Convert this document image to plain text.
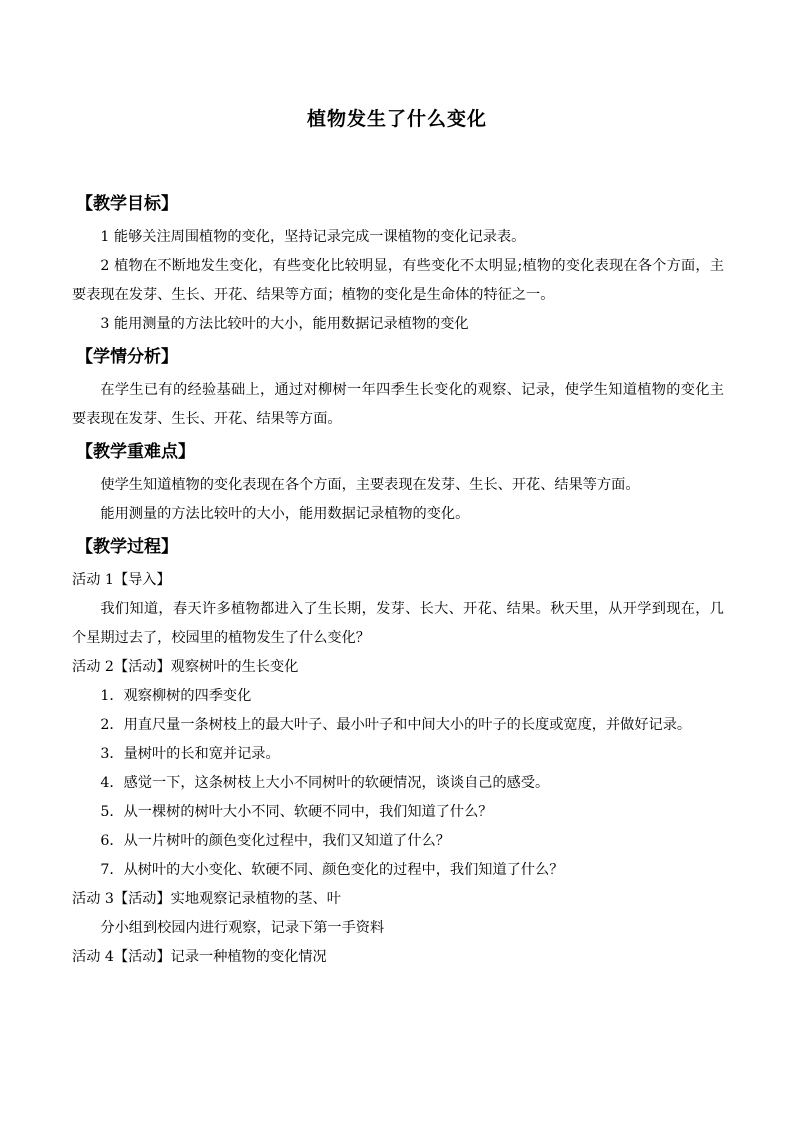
植物发生了什么变化
【教学目标】

1 能够关注周围植物的变化，坚持记录完成一课植物的变化记录表。

2 植物在不断地发生变化，有些变化比较明显，有些变化不太明显;植物的变化表现在各个方面，主要表现在发芽、生长、开花、结果等方面；植物的变化是生命体的特征之一。

3 能用测量的方法比较叶的大小，能用数据记录植物的变化

【学情分析】

在学生已有的经验基础上，通过对柳树一年四季生长变化的观察、记录，使学生知道植物的变化主要表现在发芽、生长、开花、结果等方面。

【教学重难点】

使学生知道植物的变化表现在各个方面，主要表现在发芽、生长、开花、结果等方面。

能用测量的方法比较叶的大小，能用数据记录植物的变化。

【教学过程】

活动 1【导入】

我们知道，春天许多植物都进入了生长期，发芽、长大、开花、结果。秋天里，从开学到现在，几个星期过去了，校园里的植物发生了什么变化？

活动 2【活动】观察树叶的生长变化

1．观察柳树的四季变化

2．用直尺量一条树枝上的最大叶子、最小叶子和中间大小的叶子的长度或宽度，并做好记录。

3．量树叶的长和宽并记录。

4．感觉一下，这条树枝上大小不同树叶的软硬情况，谈谈自己的感受。

5．从一棵树的树叶大小不同、软硬不同中，我们知道了什么？

6．从一片树叶的颜色变化过程中，我们又知道了什么？

7．从树叶的大小变化、软硬不同、颜色变化的过程中，我们知道了什么？

活动 3【活动】实地观察记录植物的茎、叶

分小组到校园内进行观察，记录下第一手资料

活动 4【活动】记录一种植物的变化情况
